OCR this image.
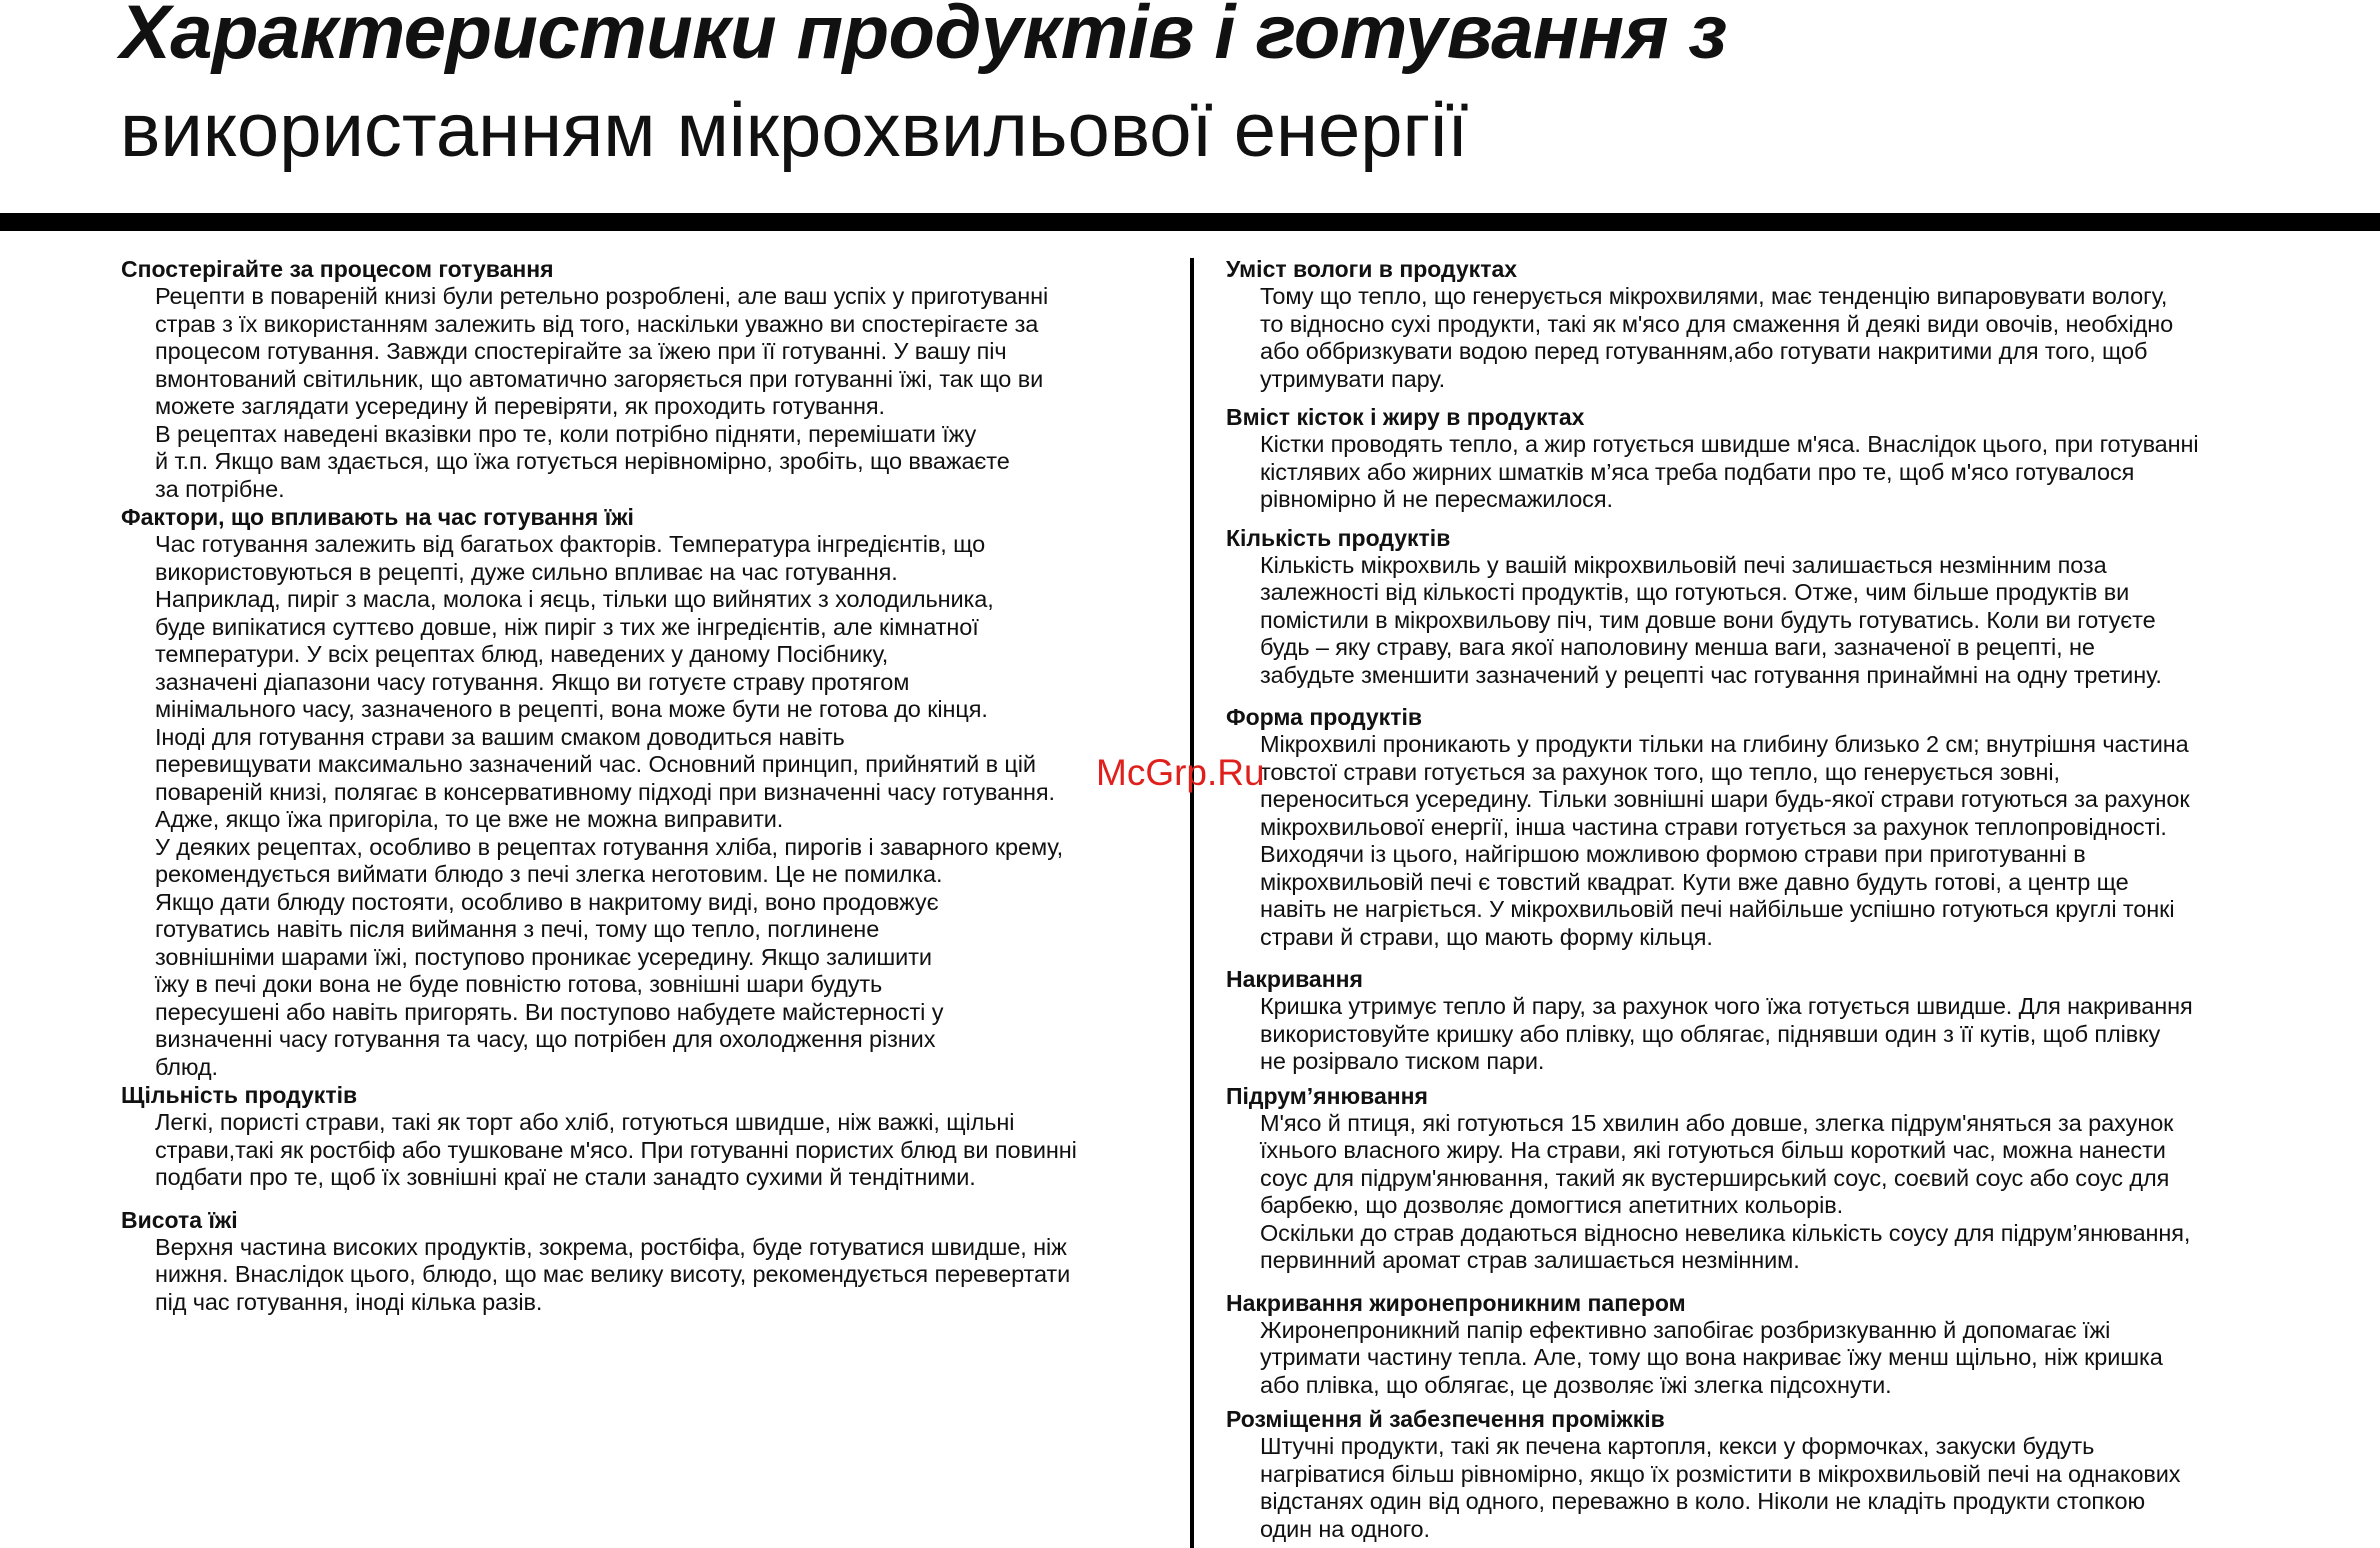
Характеристики продуктів і готування з
використанням мікрохвильової енергії
Спостерігайте за процесом готування
Рецепти в поваренiй книзi були ретельно розробленi, але ваш успiх у приготуваннi
страв з їх використанням залежить вiд того, наскiльки уважно ви спостерiгаєте за
процесом готування. Завжди спостерiгайте за їжею при її готуваннi. У вашу пiч
вмонтований свiтильник, що автоматично загоряється при готуваннi їжi, так що ви
можете заглядати усередину й перевiряти, як проходить готування.
В рецептах наведенi вказiвки про те, коли потрiбно пiдняти, перемiшати їжу
й т.п. Якщо вам здається, що їжа готується нерiвномiрно, зробіть, що вважаєте
за потрібне.
Фактори, що впливають на час готування їжi
Час готування залежить вiд багатьох факторiв. Температура iнгредiєнтiв, що
використовуються в рецептi, дуже сильно впливає на час готування.
Наприклад, пирiг з масла, молока i яєць, тiльки що вийнятих з холодильника,
буде випiкатися суттєво довше, нiж пирiг з тих же iнгредiєнтiв, але кiмнатної
температури. У всiх рецептах блюд, наведених у даному Посiбнику,
зазначенi дiапазони часу готування. Якщо ви готуєте страву протягом
мiнiмального часу, зазначеного в рецептi, вона може бути не готова до кiнця.
Iнодi для готування страви за вашим смаком доводиться навiть
перевищувати максимально зазначений час. Основний принцип, прийнятий в цiй
поваренiй книзi, полягає в консервативному пiдходi при визначеннi часу готування.
Адже, якщо їжа пригорiла, то це вже не можна виправити.
У деяких рецептах, особливо в рецептах готування хлiба, пирогiв i заварного крему,
рекомендується виймати блюдо з печi злегка неготовим. Це не помилка.
Якщо дати блюду постояти, особливо в накритому видi, воно продовжує
готуватись навiть пiсля виймання з печi, тому що тепло, поглинене
зовнiшнiми шарами їжi, поступово проникає усередину. Якщо залишити
їжу в печi доки вона не буде повнiстю готова, зовнiшнi шари будуть
пересушенi або навiть пригорять. Ви поступово набудете майстерностi у
визначеннi часу готування та часу, що потрiбен для охолодження рiзних
блюд.
Щiльнiсть продуктiв
Легкi, пористi страви, такi як торт або хлiб, готуються швидше, нiж важкi, щiльнi
страви,такi як ростбiф або тушковане м'ясо. При готуваннi пористих блюд ви повиннi
подбати про те, щоб їх зовнiшнi краї не стали занадто сухими й тендiтними.
Висота їжi
Верхня частина високих продуктiв, зокрема, ростбiфа, буде готуватися швидше, нiж
нижня. Внаслiдок цього, блюдо, що має велику висоту, рекомендується перевертати
пiд час готування, iнодi кiлька разiв.
Умiст вологи в продуктах
Тому що тепло, що генерується мiкрохвилями, має тенденцiю випаровувати вологу,
то вiдносно сухi продукти, такi як м'ясо для смаження й деякi види овочiв, необхiдно
або оббризкувати водою перед готуванням,або готувати накритими для того, щоб
утримувати пару.
Вмiст кiсток i жиру в продуктах
Кiстки проводять тепло, а жир готується швидше м'яса. Внаслiдок цього, при готуваннi
кiстлявих або жирних шматкiв м’яса треба подбати про те, щоб м'ясо готувалося
рiвномiрно й не пересмажилося.
Кiлькiсть продуктiв
Кiлькiсть мiкрохвиль у вашiй мiкрохвильовiй печi залишається незмiнним поза
залежностi вiд кiлькостi продуктiв, що готуються. Отже, чим бiльше продуктiв ви
помiстили в мiкрохвильову пiч, тим довше вони будуть готуватись. Коли ви готуєте
будь – яку страву, вага якої наполовину менша ваги, зазначеної в рецептi, не
забудьте зменшити зазначений у рецептi час готування принаймнi на одну третину.
Форма продуктiв
Мiкрохвилi проникають у продукти тiльки на глибину близько 2 см; внутрiшня частина
товстої страви готується за рахунок того, що тепло, що генерується зовнi,
переноситься усередину. Тiльки зовнiшнi шари будь-якої страви готуються за рахунок
мiкрохвильової енергiї, iнша частина страви готується за рахунок теплопровiдностi.
Виходячи iз цього, найгiршою можливою формою страви при приготуваннi в
мiкрохвильовiй печi є товстий квадрат. Кути вже давно будуть готовi, а центр ще
навiть не нагрiється. У мiкрохвильовiй печi найбiльше успiшно готуються круглi тонкi
страви й страви, що мають форму кiльця.
Накривання
Кришка утримує тепло й пару, за рахунок чого їжа готується швидше. Для накривання
використовуйте кришку або плiвку, що облягає, пiднявши один з її кутiв, щоб плiвку
не розiрвало тиском пари.
Пiдрум’янювання
М'ясо й птиця, якi готуються 15 хвилин або довше, злегка пiдрум'яняться за рахунок
їхнього власного жиру. На страви, якi готуються бiльш короткий час, можна нанести
соус для пiдрум'янювання, такий як вустерширський соус, соєвий соус або соус для
барбекю, що дозволяє домогтися апетитних кольорiв.
Оскiльки до страв додаються вiдносно невелика кiлькiсть соусу для пiдрум’янювання,
первинний аромат страв залишається незмiнним.
Накривання жиронепроникним папером
Жиронепроникний папiр ефективно запобiгає розбризкуванню й допомагає їжi
утримати частину тепла. Але, тому що вона накриває їжу менш щiльно, нiж кришка
або плiвка, що облягає, це дозволяє їжi злегка пiдсохнути.
Розмiщення й забезпечення промiжкiв
Штучнi продукти, такi як печена картопля, кекси у формочках, закуски будуть
нагрiватися бiльш рiвномiрно, якщо їх розмiстити в мiкрохвильовiй печi на однакових
вiдстанях один вiд одного, переважно в коло. Нiколи не кладiть продукти стопкою
один на одного.
McGrp.Ru
